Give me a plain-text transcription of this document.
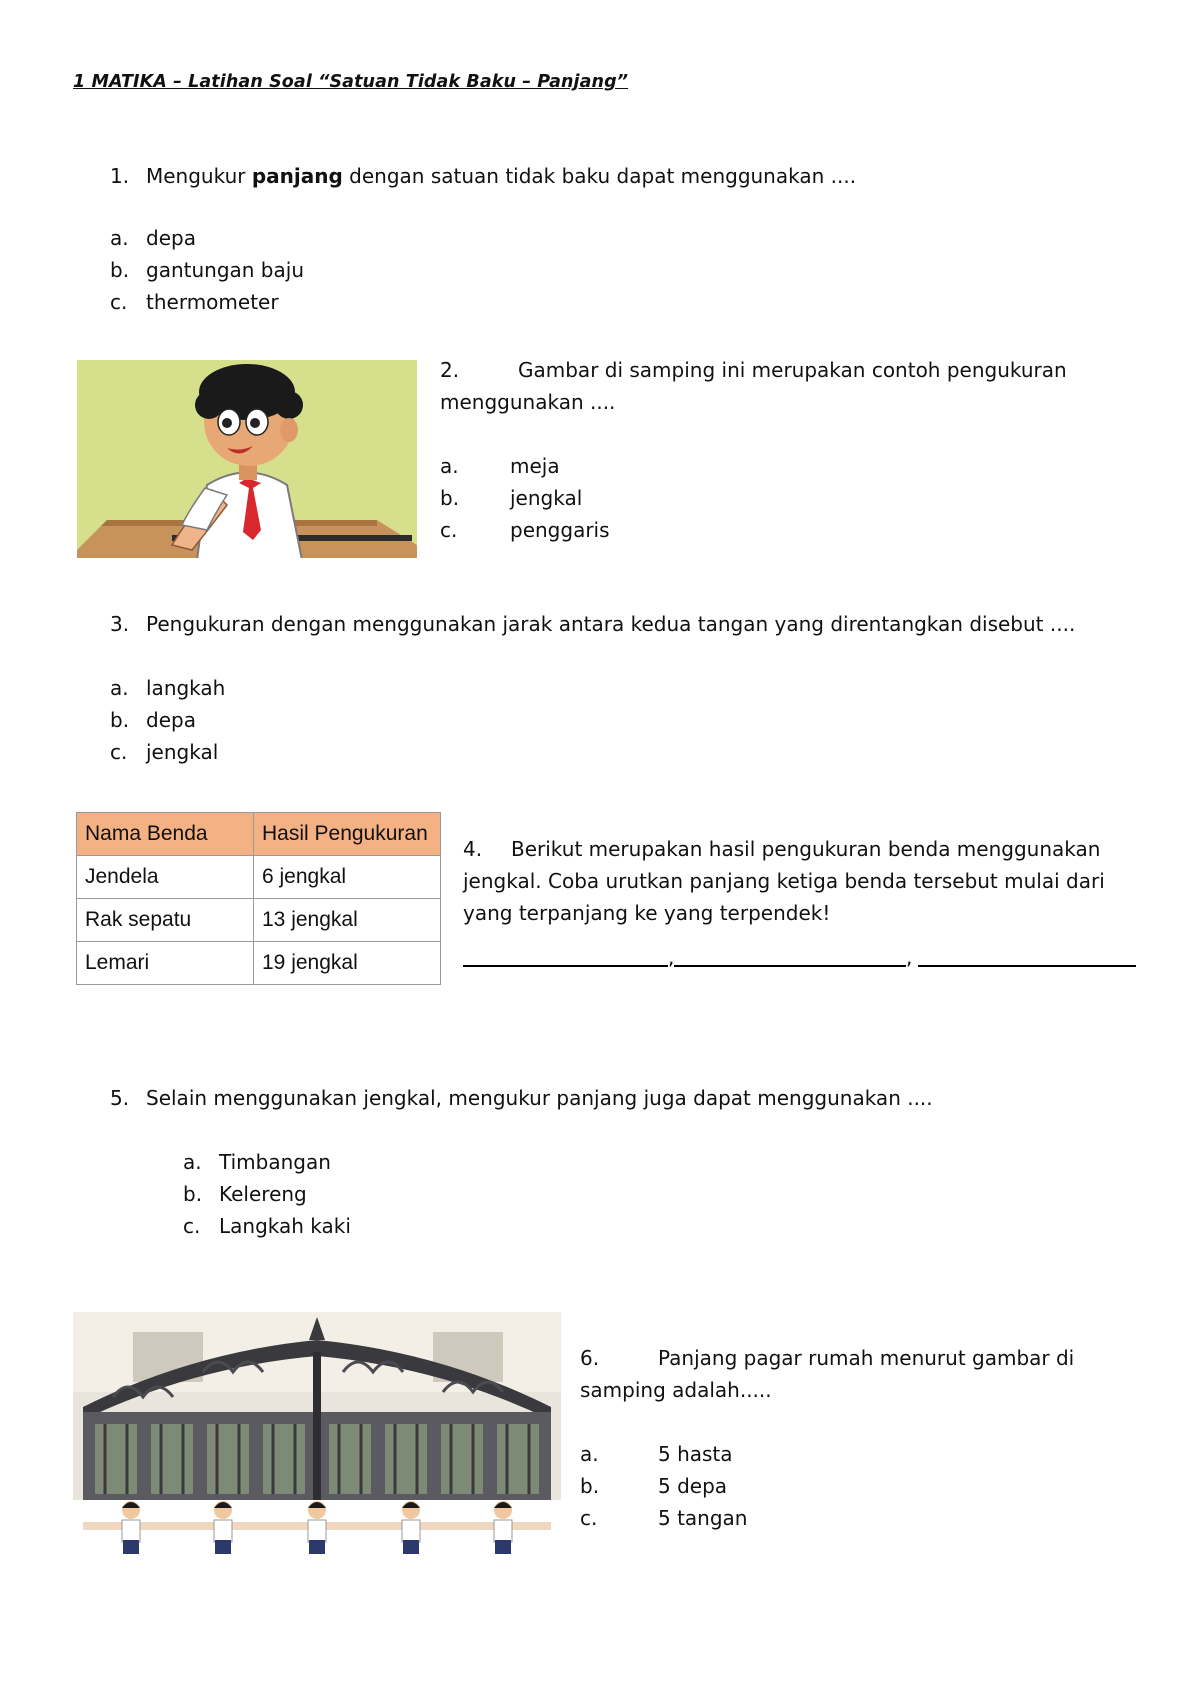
1 MATIKA – Latihan Soal “Satuan Tidak Baku – Panjang”
1. Mengukur panjang dengan satuan tidak baku dapat menggunakan ....
a. depa
b. gantungan baju
c. thermometer
2.	Gambar di samping ini merupakan contoh pengukuran
menggunakan ....
a.	meja
b.	jengkal
c.	penggaris
3. Pengukuran dengan menggunakan jarak antara kedua tangan yang direntangkan disebut ....
a. langkah
b. depa
c. jengkal
Nama Benda	Hasil Pengukuran
Jendela	6 jengkal
Rak sepatu	13 jengkal
Lemari	19 jengkal
4. Berikut merupakan hasil pengukuran benda menggunakan
jengkal. Coba urutkan panjang ketiga benda tersebut mulai dari
yang terpanjang ke yang terpendek!
,	,
5. Selain menggunakan jengkal, mengukur panjang juga dapat menggunakan ....
a. Timbangan
b. Kelereng
c. Langkah kaki
6.	Panjang pagar rumah menurut gambar di
samping adalah.....
a.	5 hasta
b.	5 depa
c.	5 tangan
